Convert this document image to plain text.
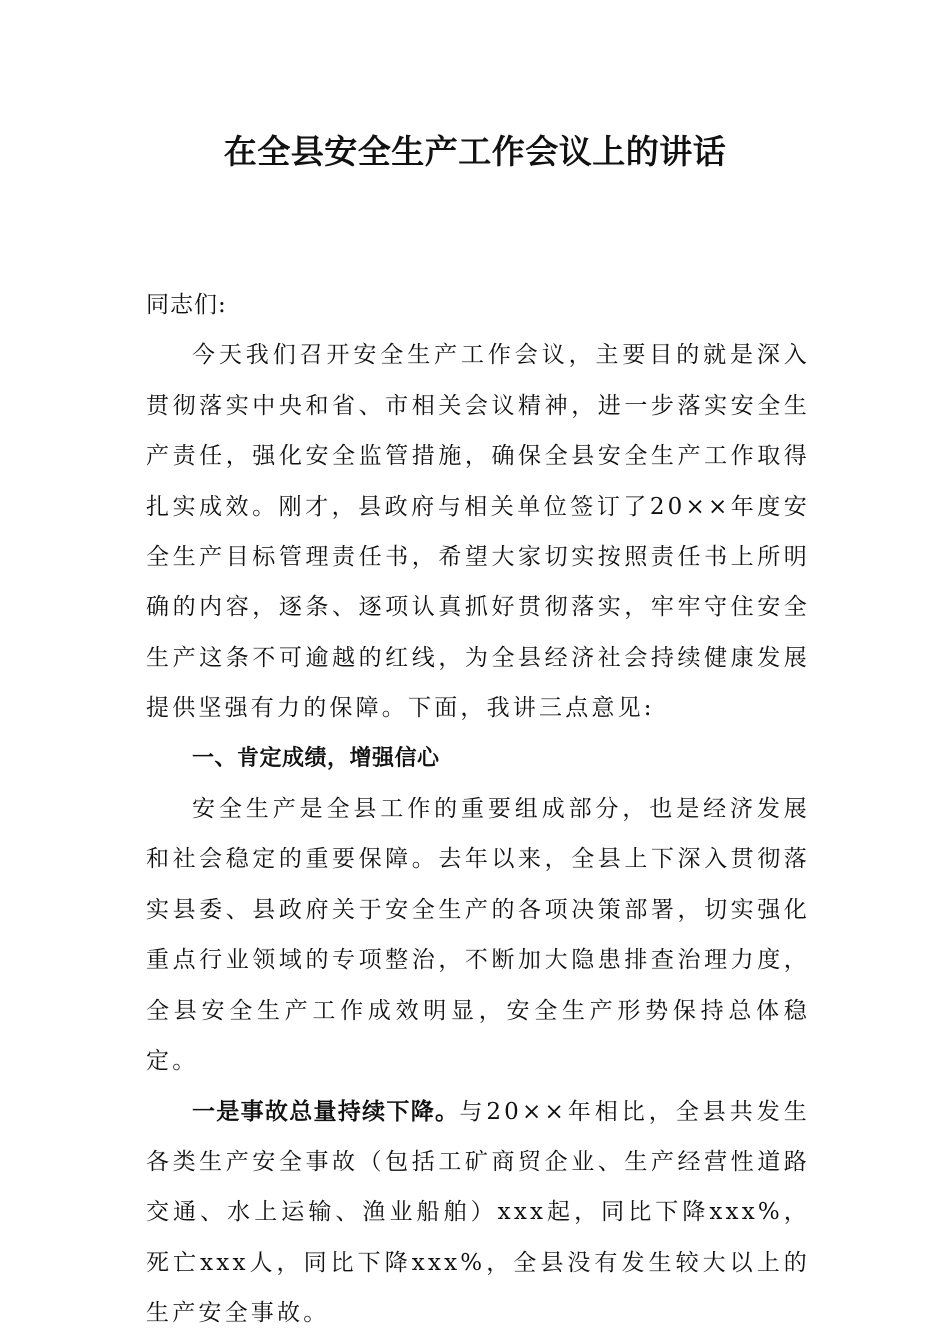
在全县安全生产工作会议上的讲话

同志们:

今天我们召开安全生产工作会议，主要目的就是深入贯彻落实中央和省、市相关会议精神，进一步落实安全生产责任，强化安全监管措施，确保全县安全生产工作取得扎实成效。刚才，县政府与相关单位签订了20××年度安全生产目标管理责任书，希望大家切实按照责任书上所明确的内容，逐条、逐项认真抓好贯彻落实，牢牢守住安全生产这条不可逾越的红线，为全县经济社会持续健康发展提供坚强有力的保障。下面，我讲三点意见:

一、肯定成绩，增强信心

安全生产是全县工作的重要组成部分，也是经济发展和社会稳定的重要保障。去年以来，全县上下深入贯彻落实县委、县政府关于安全生产的各项决策部署，切实强化重点行业领域的专项整治，不断加大隐患排查治理力度，全县安全生产工作成效明显，安全生产形势保持总体稳定。

一是事故总量持续下降。与20××年相比，全县共发生各类生产安全事故（包括工矿商贸企业、生产经营性道路交通、水上运输、渔业船舶）xxx起，同比下降xxx%，死亡xxx人，同比下降xxx%，全县没有发生较大以上的生产安全事故。
